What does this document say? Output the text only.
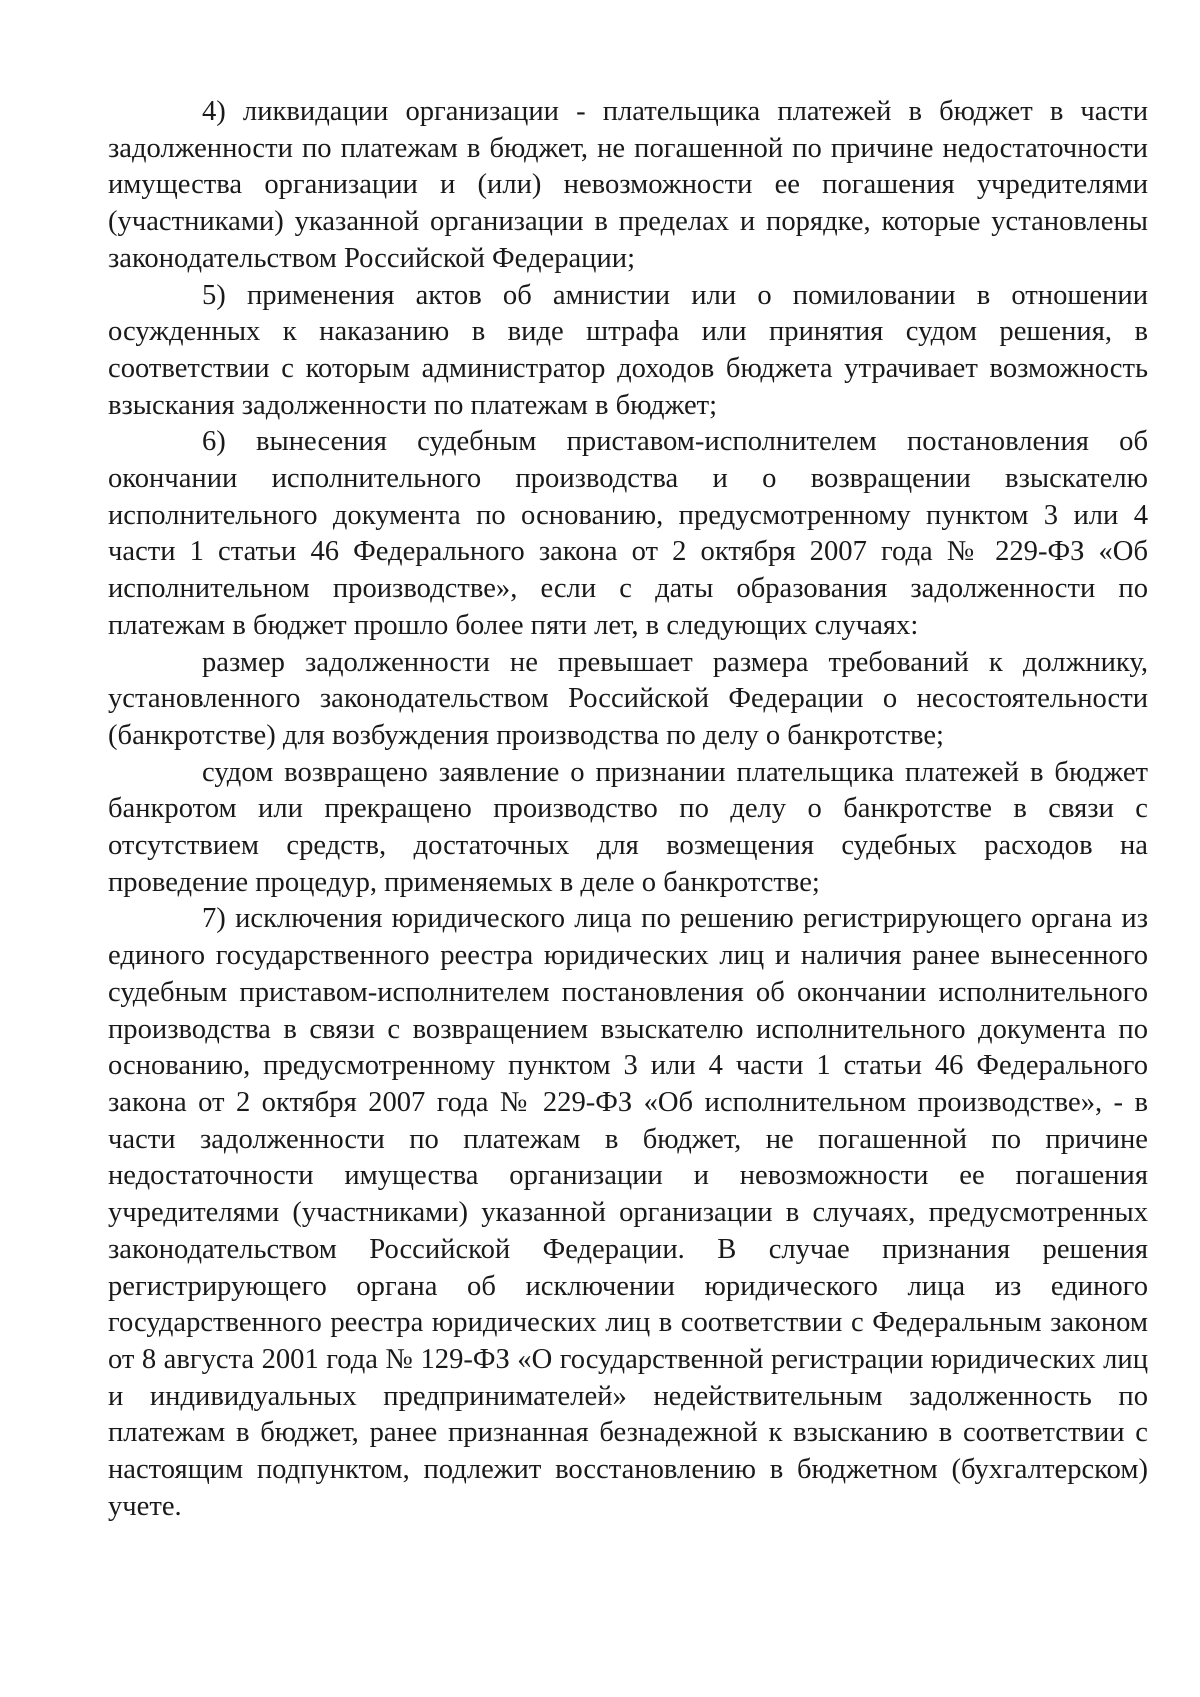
4) ликвидации организации - плательщика платежей в бюджет в части задолженности по платежам в бюджет, не погашенной по причине недостаточности имущества организации и (или) невозможности ее погашения учредителями (участниками) указанной организации в пределах и порядке, которые установлены законодательством Российской Федерации;

5) применения актов об амнистии или о помиловании в отношении осужденных к наказанию в виде штрафа или принятия судом решения, в соответствии с которым администратор доходов бюджета утрачивает возможность взыскания задолженности по платежам в бюджет;

6) вынесения судебным приставом-исполнителем постановления об окончании исполнительного производства и о возвращении взыскателю исполнительного документа по основанию, предусмотренному пунктом 3 или 4 части 1 статьи 46 Федерального закона от 2 октября 2007 года № 229-ФЗ «Об исполнительном производстве», если с даты образования задолженности по платежам в бюджет прошло более пяти лет, в следующих случаях:

размер задолженности не превышает размера требований к должнику, установленного законодательством Российской Федерации о несостоятельности (банкротстве) для возбуждения производства по делу о банкротстве;

судом возвращено заявление о признании плательщика платежей в бюджет банкротом или прекращено производство по делу о банкротстве в связи с отсутствием средств, достаточных для возмещения судебных расходов на проведение процедур, применяемых в деле о банкротстве;

7) исключения юридического лица по решению регистрирующего органа из единого государственного реестра юридических лиц и наличия ранее вынесенного судебным приставом-исполнителем постановления об окончании исполнительного производства в связи с возвращением взыскателю исполнительного документа по основанию, предусмотренному пунктом 3 или 4 части 1 статьи 46 Федерального закона от 2 октября 2007 года № 229-ФЗ «Об исполнительном производстве», - в части задолженности по платежам в бюджет, не погашенной по причине недостаточности имущества организации и невозможности ее погашения учредителями (участниками) указанной организации в случаях, предусмотренных законодательством Российской Федерации. В случае признания решения регистрирующего органа об исключении юридического лица из единого государственного реестра юридических лиц в соответствии с Федеральным законом от 8 августа 2001 года № 129-ФЗ «О государственной регистрации юридических лиц и индивидуальных предпринимателей» недействительным задолженность по платежам в бюджет, ранее признанная безнадежной к взысканию в соответствии с настоящим подпунктом, подлежит восстановлению в бюджетном (бухгалтерском) учете.
